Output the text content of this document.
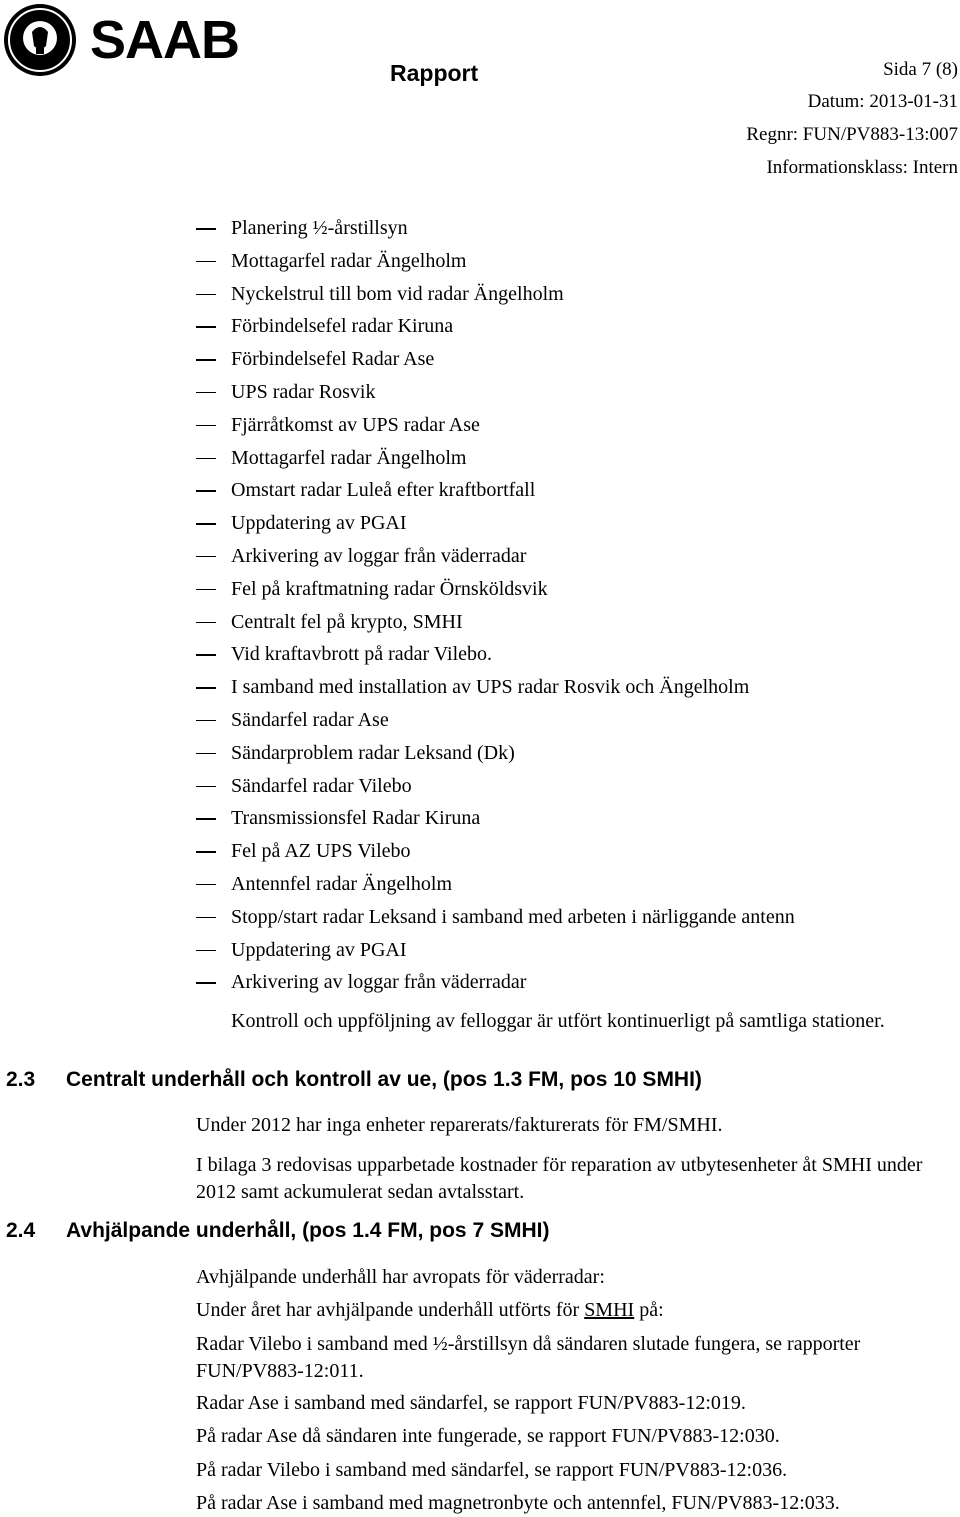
SAAB
Rapport	Sida 7 (8)
Datum: 2013-01-31
Regnr: FUN/PV883-13:007
Informationsklass: Intern
Planering ½-årstillsyn
Mottagarfel radar Ängelholm
Nyckelstrul till bom vid radar Ängelholm
Förbindelsefel radar Kiruna
Förbindelsefel Radar Ase
UPS radar Rosvik
Fjärråtkomst av UPS radar Ase
Mottagarfel radar Ängelholm
Omstart radar Luleå efter kraftbortfall
Uppdatering av PGAI
Arkivering av loggar från väderradar
Fel på kraftmatning radar Örnsköldsvik
Centralt fel på krypto, SMHI
Vid kraftavbrott på radar Vilebo.
I samband med installation av UPS radar Rosvik och Ängelholm
Sändarfel radar Ase
Sändarproblem radar Leksand (Dk)
Sändarfel radar Vilebo
Transmissionsfel Radar Kiruna
Fel på AZ UPS Vilebo
Antennfel radar Ängelholm
Stopp/start radar Leksand i samband med arbeten i närliggande antenn
Uppdatering av PGAI
Arkivering av loggar från väderradar
Kontroll och uppföljning av felloggar är utfört kontinuerligt på samtliga stationer.
2.3 Centralt underhåll och kontroll av ue, (pos 1.3 FM, pos 10 SMHI)
Under 2012 har inga enheter reparerats/fakturerats för FM/SMHI.
I bilaga 3 redovisas upparbetade kostnader för reparation av utbytesenheter åt SMHI under 2012 samt ackumulerat sedan avtalsstart.
2.4 Avhjälpande underhåll, (pos 1.4 FM, pos 7 SMHI)
Avhjälpande underhåll har avropats för väderradar:
Under året har avhjälpande underhåll utförts för SMHI på:
Radar Vilebo i samband med ½-årstillsyn då sändaren slutade fungera, se rapporter FUN/PV883-12:011.
Radar Ase i samband med sändarfel, se rapport FUN/PV883-12:019.
På radar Ase då sändaren inte fungerade, se rapport FUN/PV883-12:030.
På radar Vilebo i samband med sändarfel, se rapport FUN/PV883-12:036.
På radar Ase i samband med magnetronbyte och antennfel, FUN/PV883-12:033.
